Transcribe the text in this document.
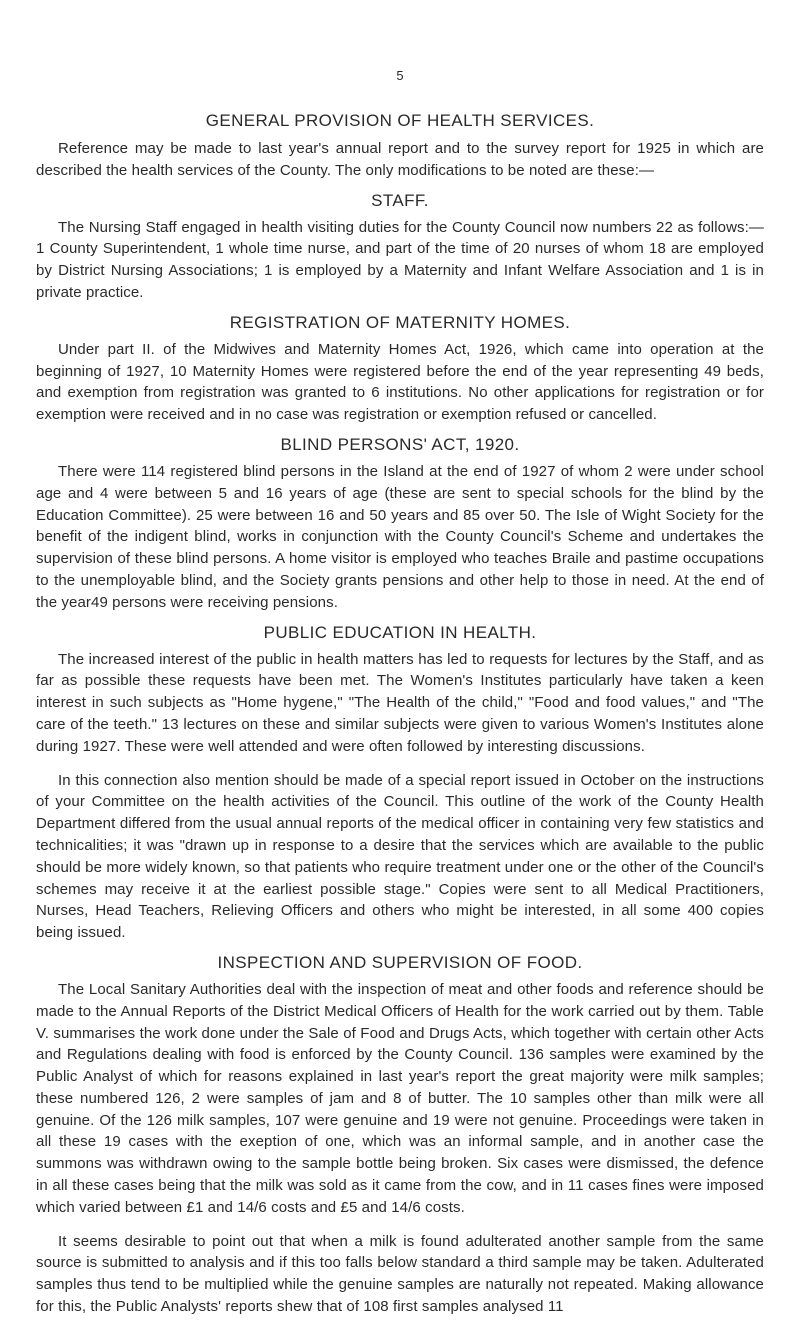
5
GENERAL PROVISION OF HEALTH SERVICES.

Reference may be made to last year's annual report and to the survey report for 1925 in which are described the health services of the County. The only modifications to be noted are these:—

STAFF.

The Nursing Staff engaged in health visiting duties for the County Council now numbers 22 as follows:—1 County Superintendent, 1 whole time nurse, and part of the time of 20 nurses of whom 18 are employed by District Nursing Associations; 1 is employed by a Maternity and Infant Welfare Association and 1 is in private practice.

REGISTRATION OF MATERNITY HOMES.

Under part II. of the Midwives and Maternity Homes Act, 1926, which came into operation at the beginning of 1927, 10 Maternity Homes were registered before the end of the year representing 49 beds, and exemption from registration was granted to 6 institutions. No other applications for registration or for exemption were received and in no case was registration or exemption refused or cancelled.

BLIND PERSONS' ACT, 1920.

There were 114 registered blind persons in the Island at the end of 1927 of whom 2 were under school age and 4 were between 5 and 16 years of age (these are sent to special schools for the blind by the Education Committee). 25 were between 16 and 50 years and 85 over 50. The Isle of Wight Society for the benefit of the indigent blind, works in conjunction with the County Council's Scheme and undertakes the supervision of these blind persons. A home visitor is employed who teaches Braile and pastime occupations to the unemployable blind, and the Society grants pensions and other help to those in need. At the end of the year49 persons were receiving pensions.

PUBLIC EDUCATION IN HEALTH.

The increased interest of the public in health matters has led to requests for lectures by the Staff, and as far as possible these requests have been met. The Women's Institutes particularly have taken a keen interest in such subjects as "Home hygene," "The Health of the child," "Food and food values," and "The care of the teeth." 13 lectures on these and similar subjects were given to various Women's Institutes alone during 1927. These were well attended and were often followed by interesting discussions.

In this connection also mention should be made of a special report issued in October on the instructions of your Committee on the health activities of the Council. This outline of the work of the County Health Department differed from the usual annual reports of the medical officer in containing very few statistics and technicalities; it was "drawn up in response to a desire that the services which are available to the public should be more widely known, so that patients who require treatment under one or the other of the Council's schemes may receive it at the earliest possible stage." Copies were sent to all Medical Practitioners, Nurses, Head Teachers, Relieving Officers and others who might be interested, in all some 400 copies being issued.

INSPECTION AND SUPERVISION OF FOOD.

The Local Sanitary Authorities deal with the inspection of meat and other foods and reference should be made to the Annual Reports of the District Medical Officers of Health for the work carried out by them. Table V. summarises the work done under the Sale of Food and Drugs Acts, which together with certain other Acts and Regulations dealing with food is enforced by the County Council. 136 samples were examined by the Public Analyst of which for reasons explained in last year's report the great majority were milk samples; these numbered 126, 2 were samples of jam and 8 of butter. The 10 samples other than milk were all genuine. Of the 126 milk samples, 107 were genuine and 19 were not genuine. Proceedings were taken in all these 19 cases with the exeption of one, which was an informal sample, and in another case the summons was withdrawn owing to the sample bottle being broken. Six cases were dismissed, the defence in all these cases being that the milk was sold as it came from the cow, and in 11 cases fines were imposed which varied between £1 and 14/6 costs and £5 and 14/6 costs.

It seems desirable to point out that when a milk is found adulterated another sample from the same source is submitted to analysis and if this too falls below standard a third sample may be taken. Adulterated samples thus tend to be multiplied while the genuine samples are naturally not repeated. Making allowance for this, the Public Analysts' reports shew that of 108 first samples analysed 11
